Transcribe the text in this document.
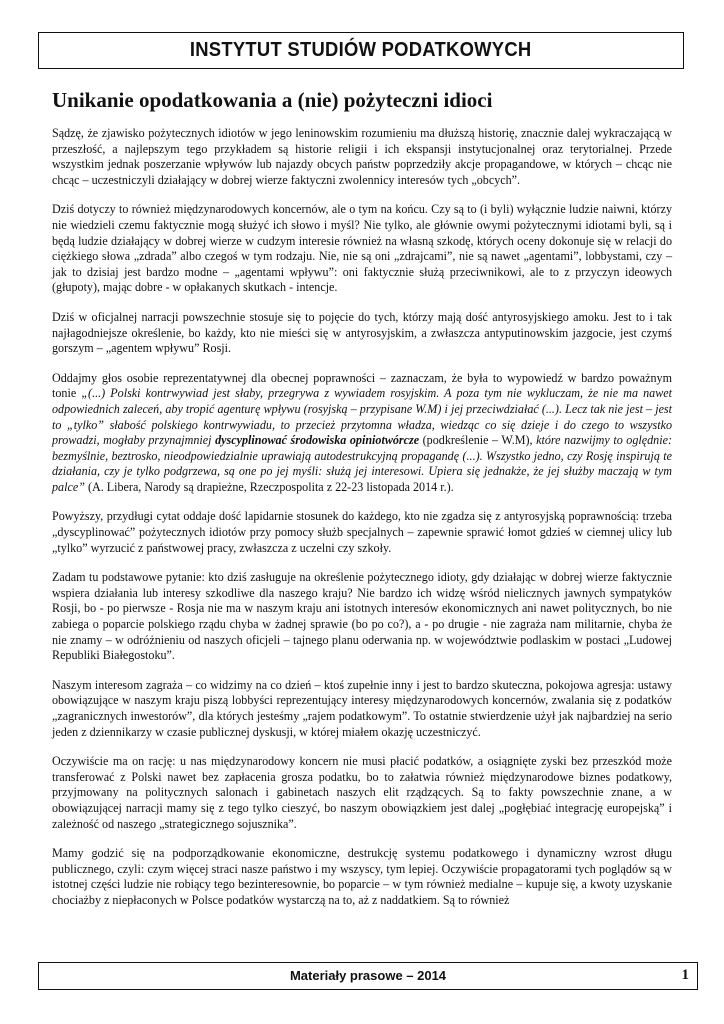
INSTYTUT STUDIÓW PODATKOWYCH
Unikanie opodatkowania a (nie) pożyteczni idioci

Sądzę, że zjawisko pożytecznych idiotów w jego leninowskim rozumieniu ma dłuższą historię, znacznie dalej wykraczającą w przeszłość, a najlepszym tego przykładem są historie religii i ich ekspansji instytucjonalnej oraz terytorialnej. Przede wszystkim jednak poszerzanie wpływów lub najazdy obcych państw poprzedziły akcje propagandowe, w których – chcąc nie chcąc – uczestniczyli działający w dobrej wierze faktyczni zwolennicy interesów tych „obcych”.

Dziś dotyczy to również międzynarodowych koncernów, ale o tym na końcu. Czy są to (i byli) wyłącznie ludzie naiwni, którzy nie wiedzieli czemu faktycznie mogą służyć ich słowo i myśl? Nie tylko, ale głównie owymi pożytecznymi idiotami byli, są i będą ludzie działający w dobrej wierze w cudzym interesie również na własną szkodę, których oceny dokonuje się w relacji do ciężkiego słowa „zdrada” albo czegoś w tym rodzaju. Nie, nie są oni „zdrajcami”, nie są nawet „agentami”, lobbystami, czy – jak to dzisiaj jest bardzo modne – „agentami wpływu”: oni faktycznie służą przeciwnikowi, ale to z przyczyn ideowych (głupoty), mając dobre - w opłakanych skutkach - intencje.

Dziś w oficjalnej narracji powszechnie stosuje się to pojęcie do tych, którzy mają dość antyrosyjskiego amoku. Jest to i tak najłagodniejsze określenie, bo każdy, kto nie mieści się w antyrosyjskim, a zwłaszcza antyputinowskim jazgocie, jest czymś gorszym – „agentem wpływu” Rosji.

Oddajmy głos osobie reprezentatywnej dla obecnej poprawności – zaznaczam, że była to wypowiedź w bardzo poważnym tonie „(...) Polski kontrwywiad jest słaby, przegrywa z wywiadem rosyjskim. A poza tym nie wykluczam, że nie ma nawet odpowiednich zaleceń, aby tropić agenturę wpływu (rosyjską – przypisane W.M) i jej przeciwdziałać (...). Lecz tak nie jest – jest to „tylko” słabość polskiego kontrwywiadu, to przecież przytomna władza, wiedząc co się dzieje i do czego to wszystko prowadzi, mogłaby przynajmniej dyscyplinować środowiska opiniotwórcze (podkreślenie – W.M), które nazwijmy to oględnie: bezmyślnie, beztrosko, nieodpowiedzialnie uprawiają autodestrukcyjną propagandę (...). Wszystko jedno, czy Rosję inspirują te działania, czy je tylko podgrzewa, są one po jej myśli: służą jej interesowi. Upiera się jednakże, że jej służby maczają w tym palce” (A. Libera, Narody są drapieżne, Rzeczpospolita z 22-23 listopada 2014 r.).

Powyższy, przydługi cytat oddaje dość lapidarnie stosunek do każdego, kto nie zgadza się z antyrosyjską poprawnością: trzeba „dyscyplinować” pożytecznych idiotów przy pomocy służb specjalnych – zapewnie sprawić łomot gdzieś w ciemnej ulicy lub „tylko” wyrzucić z państwowej pracy, zwłaszcza z uczelni czy szkoły.

Zadam tu podstawowe pytanie: kto dziś zasługuje na określenie pożytecznego idioty, gdy działając w dobrej wierze faktycznie wspiera działania lub interesy szkodliwe dla naszego kraju? Nie bardzo ich widzę wśród nielicznych jawnych sympatyków Rosji, bo - po pierwsze - Rosja nie ma w naszym kraju ani istotnych interesów ekonomicznych ani nawet politycznych, bo nie zabiega o poparcie polskiego rządu chyba w żadnej sprawie (bo po co?), a - po drugie - nie zagraża nam militarnie, chyba że nie znamy – w odróżnieniu od naszych oficjeli – tajnego planu oderwania np. w województwie podlaskim w postaci „Ludowej Republiki Białegostoku”.

Naszym interesom zagraża – co widzimy na co dzień – ktoś zupełnie inny i jest to bardzo skuteczna, pokojowa agresja: ustawy obowiązujące w naszym kraju piszą lobbyści reprezentujący interesy międzynarodowych koncernów, zwalania się z podatków „zagranicznych inwestorów”, dla których jesteśmy „rajem podatkowym”. To ostatnie stwierdzenie użył jak najbardziej na serio jeden z dziennikarzy w czasie publicznej dyskusji, w której miałem okazję uczestniczyć.

Oczywiście ma on rację: u nas międzynarodowy koncern nie musi płacić podatków, a osiągnięte zyski bez przeszkód może transferować z Polski nawet bez zapłacenia grosza podatku, bo to załatwia również międzynarodowe biznes podatkowy, przyjmowany na politycznych salonach i gabinetach naszych elit rządzących. Są to fakty powszechnie znane, a w obowiązującej narracji mamy się z tego tylko cieszyć, bo naszym obowiązkiem jest dalej „pogłębiać integrację europejską” i zależność od naszego „strategicznego sojusznika”.

Mamy godzić się na podporządkowanie ekonomiczne, destrukcję systemu podatkowego i dynamiczny wzrost długu publicznego, czyli: czym więcej straci nasze państwo i my wszyscy, tym lepiej. Oczywiście propagatorami tych poglądów są w istotnej części ludzie nie robiący tego bezinteresownie, bo poparcie – w tym również medialne – kupuje się, a kwoty uzyskanie chociażby z niepłaconych w Polsce podatków wystarczą na to, aż z naddatkiem. Są to również

Materiały prasowe – 2014	1
